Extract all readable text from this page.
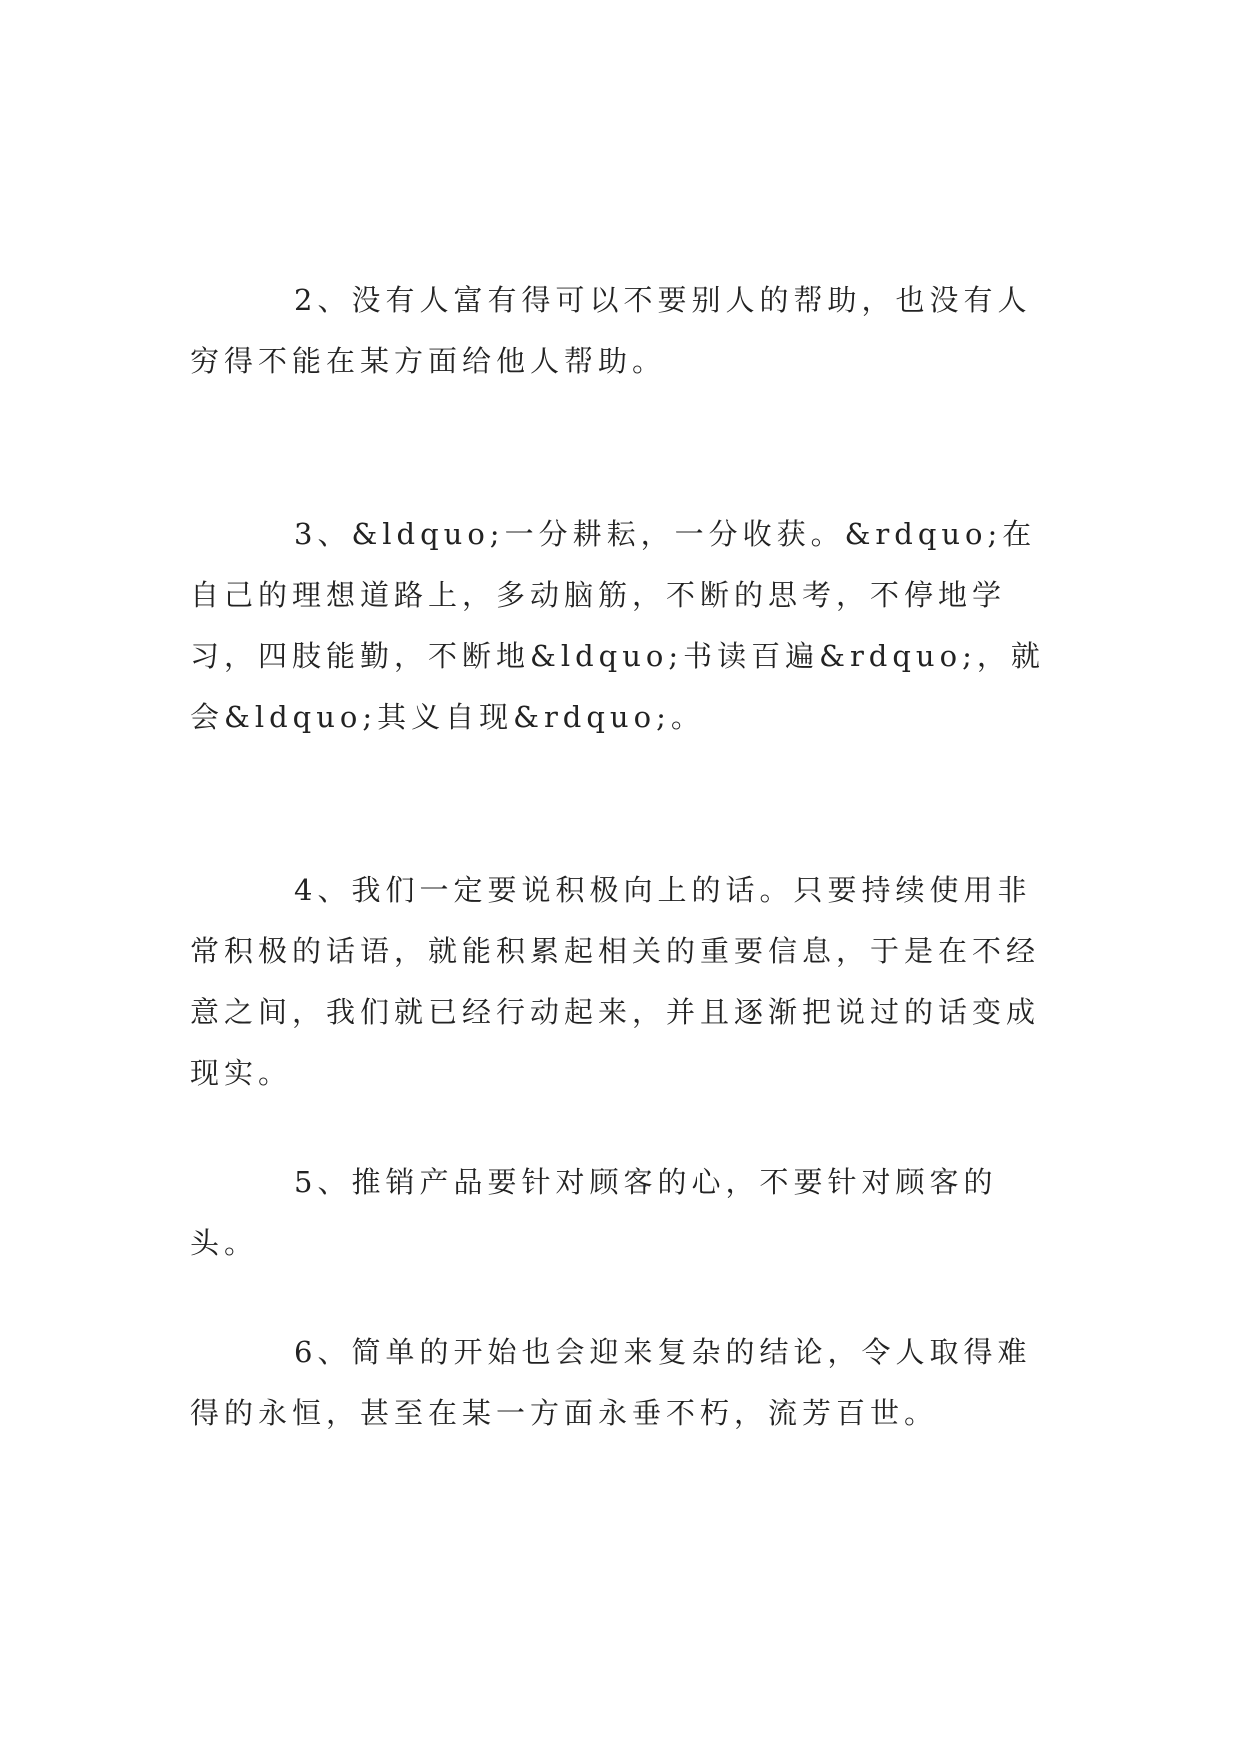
2、没有人富有得可以不要别人的帮助，也没有人穷得不能在某方面给他人帮助。

3、&ldquo;一分耕耘，一分收获。&rdquo;在自己的理想道路上，多动脑筋，不断的思考，不停地学习，四肢能勤，不断地&ldquo;书读百遍&rdquo;，就会&ldquo;其义自现&rdquo;。

4、我们一定要说积极向上的话。只要持续使用非常积极的话语，就能积累起相关的重要信息，于是在不经意之间，我们就已经行动起来，并且逐渐把说过的话变成现实。

5、推销产品要针对顾客的心，不要针对顾客的头。

6、简单的开始也会迎来复杂的结论，令人取得难得的永恒，甚至在某一方面永垂不朽，流芳百世。
